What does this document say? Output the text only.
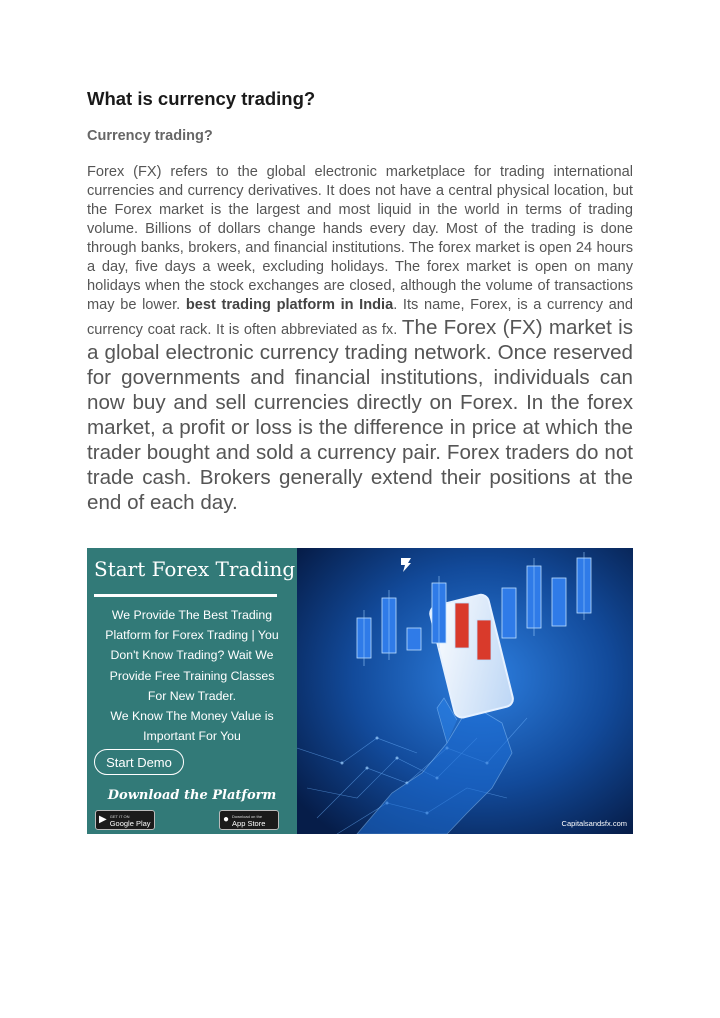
What is currency trading?
Currency trading?

Forex (FX) refers to the global electronic marketplace for trading international currencies and currency derivatives. It does not have a central physical location, but the Forex market is the largest and most liquid in the world in terms of trading volume. Billions of dollars change hands every day. Most of the trading is done through banks, brokers, and financial institutions. The forex market is open 24 hours a day, five days a week, excluding holidays. The forex market is open on many holidays when the stock exchanges are closed, although the volume of transactions may be lower. best trading platform in India. Its name, Forex, is a currency and currency coat rack. It is often abbreviated as fx. The Forex (FX) market is a global electronic currency trading network. Once reserved for governments and financial institutions, individuals can now buy and sell currencies directly on Forex. In the forex market, a profit or loss is the difference in price at which the trader bought and sold a currency pair. Forex traders do not trade cash. Brokers generally extend their positions at the end of each day.

Start Forex Trading

We Provide The Best Trading
Platform for Forex Trading | You
Don't Know Trading? Wait We
Provide Free Training Classes
For New Trader.
We Know The Money Value is
Important For You

Start Demo

Download the Platform

▶ GET IT ON
Google Play	● Download on the
App Store	Capitalsandsfx.com
